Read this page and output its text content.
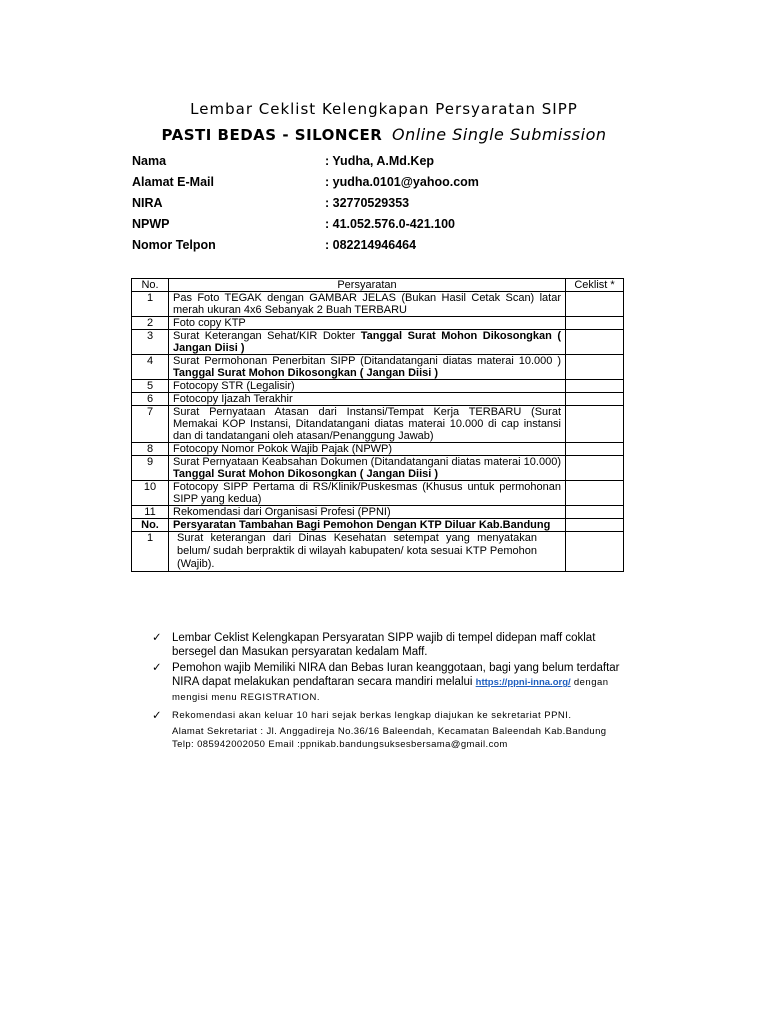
Lembar Ceklist Kelengkapan Persyaratan SIPP
PASTI BEDAS - SILONCER Online Single Submission
Nama	: Yudha, A.Md.Kep
Alamat E-Mail	: yudha.0101@yahoo.com
NIRA	: 32770529353
NPWP	: 41.052.576.0-421.100
Nomor Telpon	: 082214946464
No.	Persyaratan	Ceklist *
1	Pas Foto TEGAK dengan GAMBAR JELAS (Bukan Hasil Cetak Scan) latar merah ukuran 4x6 Sebanyak 2 Buah TERBARU	
2	Foto copy KTP	
3	Surat Keterangan Sehat/KIR Dokter Tanggal Surat Mohon Dikosongkan ( Jangan Diisi )	
4	Surat Permohonan Penerbitan SIPP (Ditandatangani diatas materai 10.000 ) Tanggal Surat Mohon Dikosongkan ( Jangan Diisi )	
5	Fotocopy STR (Legalisir)	
6	Fotocopy Ijazah Terakhir	
7	Surat Pernyataan Atasan dari Instansi/Tempat Kerja TERBARU (Surat Memakai KOP Instansi, Ditandatangani diatas materai 10.000 di cap instansi dan di tandatangani oleh atasan/Penanggung Jawab)	
8	Fotocopy Nomor Pokok Wajib Pajak (NPWP)	
9	Surat Pernyataan Keabsahan Dokumen (Ditandatangani diatas materai 10.000) Tanggal Surat Mohon Dikosongkan ( Jangan Diisi )	
10	Fotocopy SIPP Pertama di RS/Klinik/Puskesmas (Khusus untuk permohonan SIPP yang kedua)	
11	Rekomendasi dari Organisasi Profesi (PPNI)	
No.	Persyaratan Tambahan Bagi Pemohon Dengan KTP Diluar Kab.Bandung	
1	Surat keterangan dari Dinas Kesehatan setempat yang menyatakan belum/ sudah berpraktik di wilayah kabupaten/ kota sesuai KTP Pemohon (Wajib).	
✓ Lembar Ceklist Kelengkapan Persyaratan SIPP wajib di tempel didepan maff coklat bersegel dan Masukan persyaratan kedalam Maff.
✓ Pemohon wajib Memiliki NIRA dan Bebas Iuran keanggotaan, bagi yang belum terdaftar NIRA dapat melakukan pendaftaran secara mandiri melalui https://ppni-inna.org/ dengan mengisi menu REGISTRATION.
✓ Rekomendasi akan keluar 10 hari sejak berkas lengkap diajukan ke sekretariat PPNI.
Alamat Sekretariat : Jl. Anggadireja No.36/16 Baleendah, Kecamatan Baleendah Kab.Bandung
Telp: 085942002050 Email :ppnikab.bandungsuksesbersama@gmail.com
